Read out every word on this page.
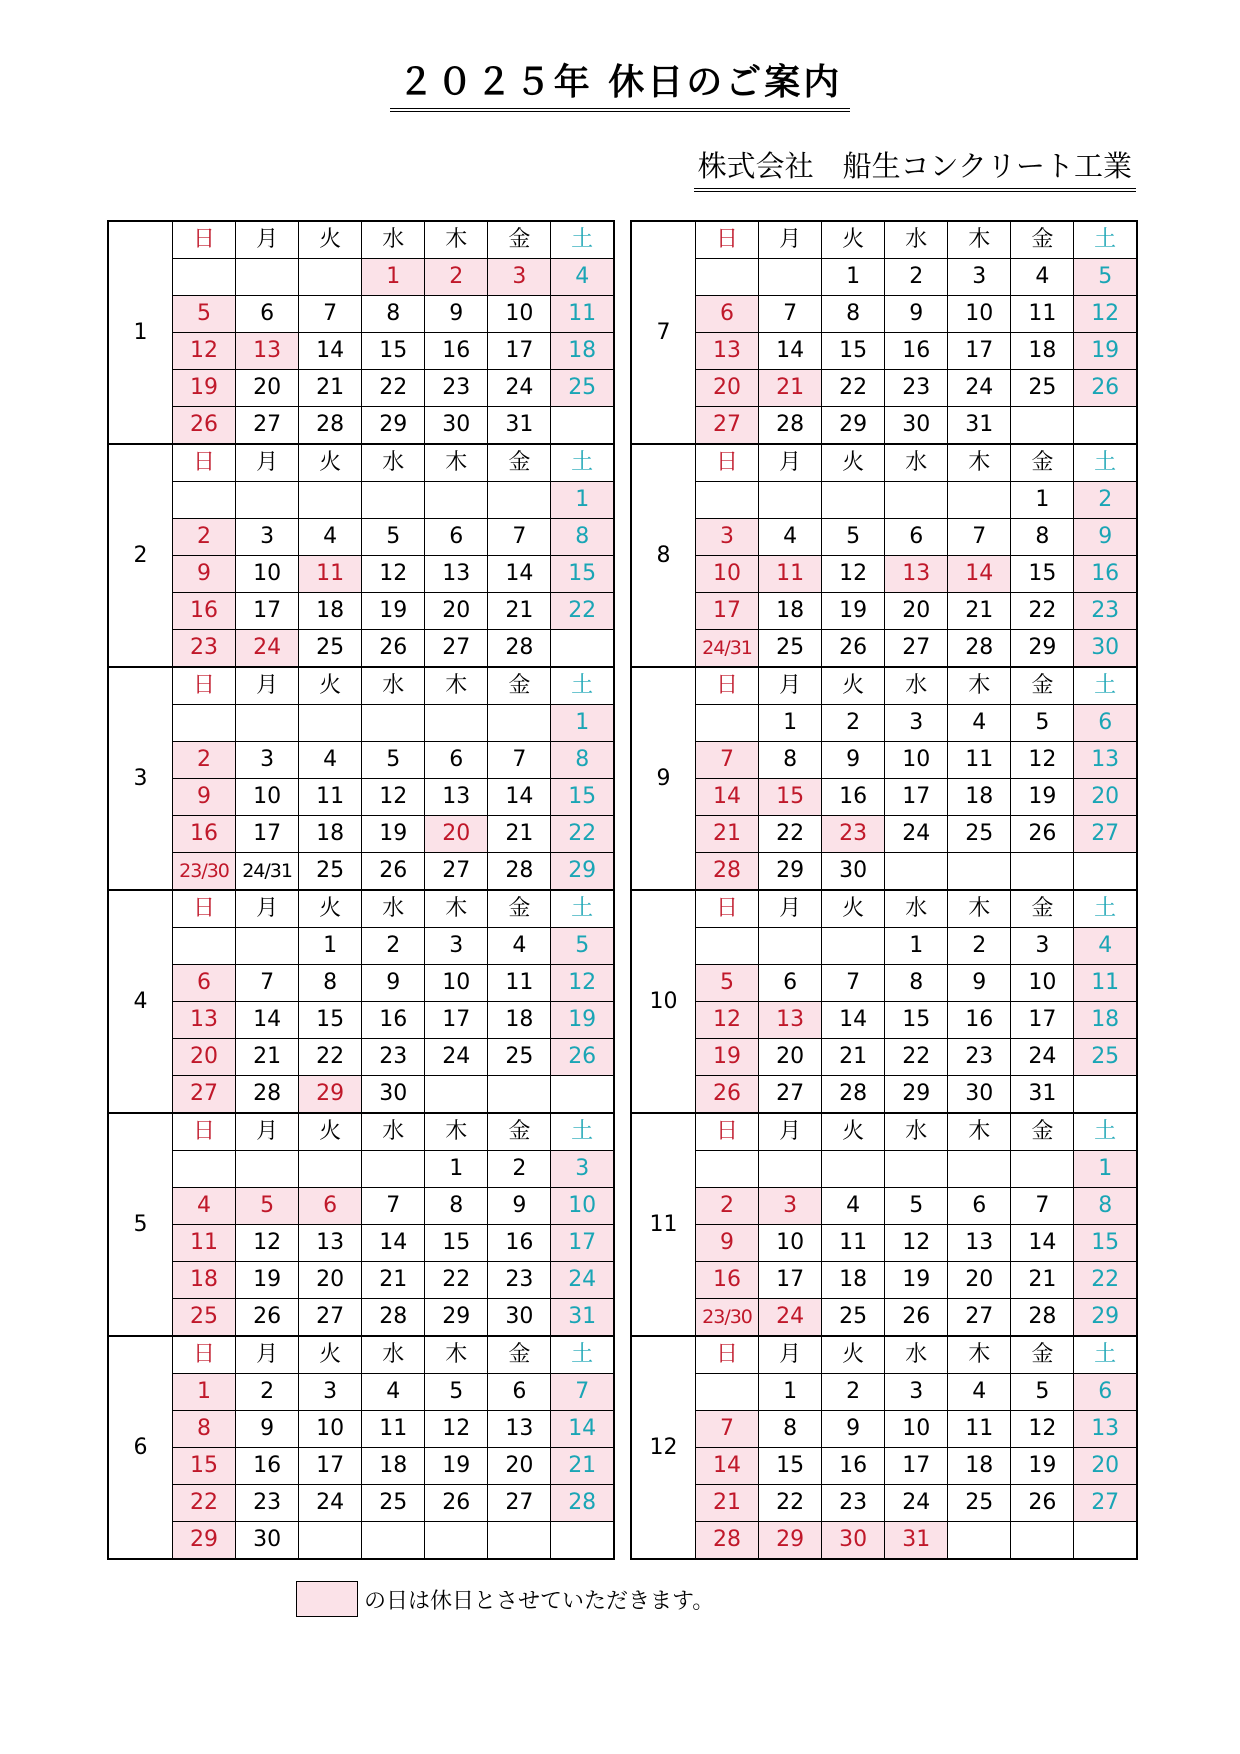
２０２５年 休日のご案内
株式会社　船生コンクリート工業
1	日	月	火	水	木	金	土
				1	2	3	4
	5	6	7	8	9	10	11
	12	13	14	15	16	17	18
	19	20	21	22	23	24	25
	26	27	28	29	30	31	
2	日	月	火	水	木	金	土
							1
	2	3	4	5	6	7	8
	9	10	11	12	13	14	15
	16	17	18	19	20	21	22
	23	24	25	26	27	28	
3	日	月	火	水	木	金	土
							1
	2	3	4	5	6	7	8
	9	10	11	12	13	14	15
	16	17	18	19	20	21	22
	23/30	24/31	25	26	27	28	29
4	日	月	火	水	木	金	土
			1	2	3	4	5
	6	7	8	9	10	11	12
	13	14	15	16	17	18	19
	20	21	22	23	24	25	26
	27	28	29	30			
5	日	月	火	水	木	金	土
					1	2	3
	4	5	6	7	8	9	10
	11	12	13	14	15	16	17
	18	19	20	21	22	23	24
	25	26	27	28	29	30	31
6	日	月	火	水	木	金	土
	1	2	3	4	5	6	7
	8	9	10	11	12	13	14
	15	16	17	18	19	20	21
	22	23	24	25	26	27	28
	29	30					
7	日	月	火	水	木	金	土
			1	2	3	4	5
	6	7	8	9	10	11	12
	13	14	15	16	17	18	19
	20	21	22	23	24	25	26
	27	28	29	30	31		
8	日	月	火	水	木	金	土
						1	2
	3	4	5	6	7	8	9
	10	11	12	13	14	15	16
	17	18	19	20	21	22	23
	24/31	25	26	27	28	29	30
9	日	月	火	水	木	金	土
		1	2	3	4	5	6
	7	8	9	10	11	12	13
	14	15	16	17	18	19	20
	21	22	23	24	25	26	27
	28	29	30				
10	日	月	火	水	木	金	土
				1	2	3	4
	5	6	7	8	9	10	11
	12	13	14	15	16	17	18
	19	20	21	22	23	24	25
	26	27	28	29	30	31	
11	日	月	火	水	木	金	土
							1
	2	3	4	5	6	7	8
	9	10	11	12	13	14	15
	16	17	18	19	20	21	22
	23/30	24	25	26	27	28	29
12	日	月	火	水	木	金	土
		1	2	3	4	5	6
	7	8	9	10	11	12	13
	14	15	16	17	18	19	20
	21	22	23	24	25	26	27
	28	29	30	31			
の日は休日とさせていただきます。
